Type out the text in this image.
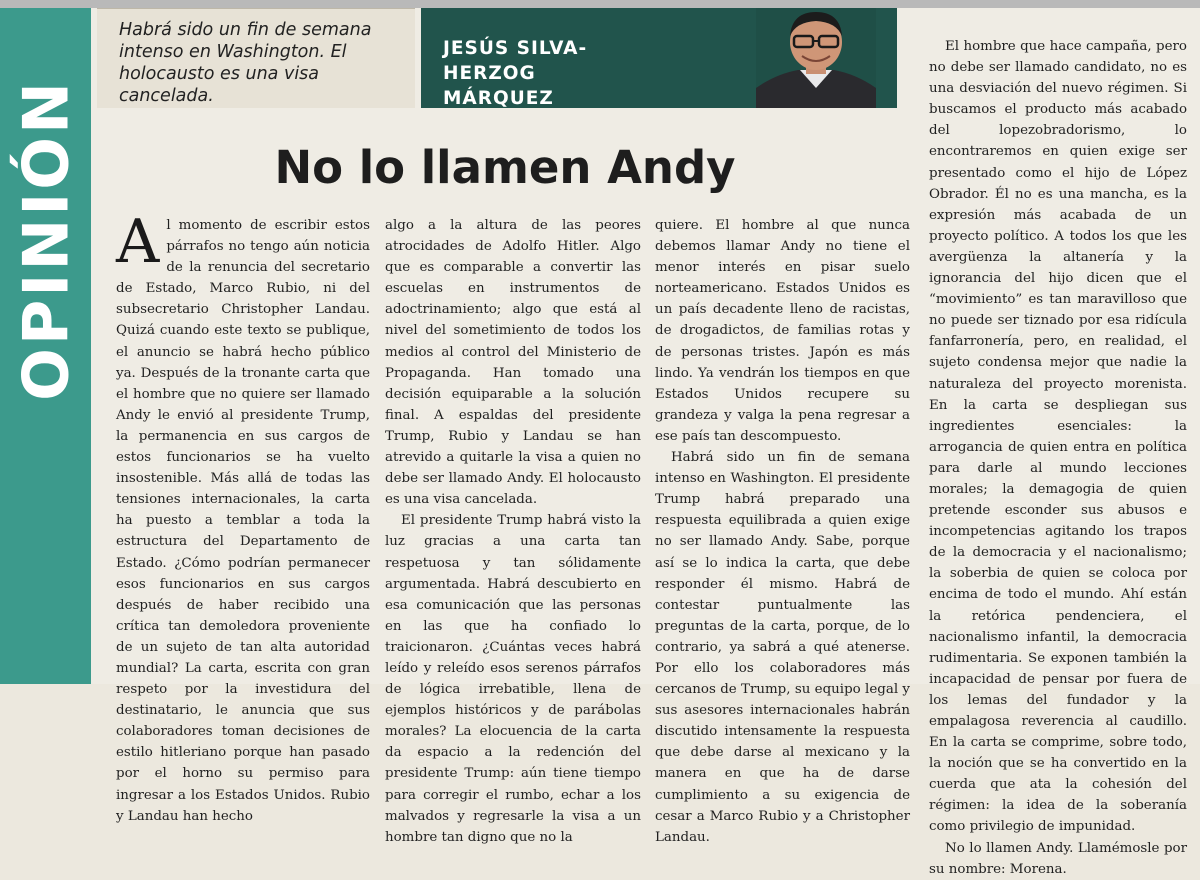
OPINIÓN
Habrá sido un fin de semana intenso en Washington. El holocausto es una visa cancelada.
JESÚS SILVA-HERZOG MÁRQUEZ
No lo llamen Andy

Al momento de escribir estos párrafos no tengo aún noticia de la renuncia del secretario de Estado, Marco Rubio, ni del subsecretario Christopher Landau. Quizá cuando este texto se publique, el anuncio se habrá hecho público ya. Después de la tronante carta que el hombre que no quiere ser llamado Andy le envió al presidente Trump, la permanencia en sus cargos de estos funcionarios se ha vuelto insostenible. Más allá de todas las tensiones internacionales, la carta ha puesto a temblar a toda la estructura del Departamento de Estado. ¿Cómo podrían permanecer esos funcionarios en sus cargos después de haber recibido una crítica tan demoledora proveniente de un sujeto de tan alta autoridad mundial? La carta, escrita con gran respeto por la investidura del destinatario, le anuncia que sus colaboradores toman decisiones de estilo hitleriano porque han pasado por el horno su permiso para ingresar a los Estados Unidos. Rubio y Landau han hecho

algo a la altura de las peores atrocidades de Adolfo Hitler. Algo que es comparable a convertir las escuelas en instrumentos de adoctrinamiento; algo que está al nivel del sometimiento de todos los medios al control del Ministerio de Propaganda. Han tomado una decisión equiparable a la solución final. A espaldas del presidente Trump, Rubio y Landau se han atrevido a quitarle la visa a quien no debe ser llamado Andy. El holocausto es una visa cancelada.

El presidente Trump habrá visto la luz gracias a una carta tan respetuosa y tan sólidamente argumentada. Habrá descubierto en esa comunicación que las personas en las que ha confiado lo traicionaron. ¿Cuántas veces habrá leído y releído esos serenos párrafos de lógica irrebatible, llena de ejemplos históricos y de parábolas morales? La elocuencia de la carta da espacio a la redención del presidente Trump: aún tiene tiempo para corregir el rumbo, echar a los malvados y regresarle la visa a un hombre tan digno que no la

quiere. El hombre al que nunca debemos llamar Andy no tiene el menor interés en pisar suelo norteamericano. Estados Unidos es un país decadente lleno de racistas, de drogadictos, de familias rotas y de personas tristes. Japón es más lindo. Ya vendrán los tiempos en que Estados Unidos recupere su grandeza y valga la pena regresar a ese país tan descompuesto.

Habrá sido un fin de semana intenso en Washington. El presidente Trump habrá preparado una respuesta equilibrada a quien exige no ser llamado Andy. Sabe, porque así se lo indica la carta, que debe responder él mismo. Habrá de contestar puntualmente las preguntas de la carta, porque, de lo contrario, ya sabrá a qué atenerse. Por ello los colaboradores más cercanos de Trump, su equipo legal y sus asesores internacionales habrán discutido intensamente la respuesta que debe darse al mexicano y la manera en que ha de darse cumplimiento a su exigencia de cesar a Marco Rubio y a Christopher Landau.

El hombre que hace campaña, pero no debe ser llamado candidato, no es una desviación del nuevo régimen. Si buscamos el producto más acabado del lopezobradorismo, lo encontraremos en quien exige ser presentado como el hijo de López Obrador. Él no es una mancha, es la expresión más acabada de un proyecto político. A todos los que les avergüenza la altanería y la ignorancia del hijo dicen que el “movimiento” es tan maravilloso que no puede ser tiznado por esa ridícula fanfarronería, pero, en realidad, el sujeto condensa mejor que nadie la naturaleza del proyecto morenista. En la carta se despliegan sus ingredientes esenciales: la arrogancia de quien entra en política para darle al mundo lecciones morales; la demagogia de quien pretende esconder sus abusos e incompetencias agitando los trapos de la democracia y el nacionalismo; la soberbia de quien se coloca por encima de todo el mundo. Ahí están la retórica pendenciera, el nacionalismo infantil, la democracia rudimentaria. Se exponen también la incapacidad de pensar por fuera de los lemas del fundador y la empalagosa reverencia al caudillo. En la carta se comprime, sobre todo, la noción que se ha convertido en la cuerda que ata la cohesión del régimen: la idea de la soberanía como privilegio de impunidad.

No lo llamen Andy. Llamémosle por su nombre: Morena.
